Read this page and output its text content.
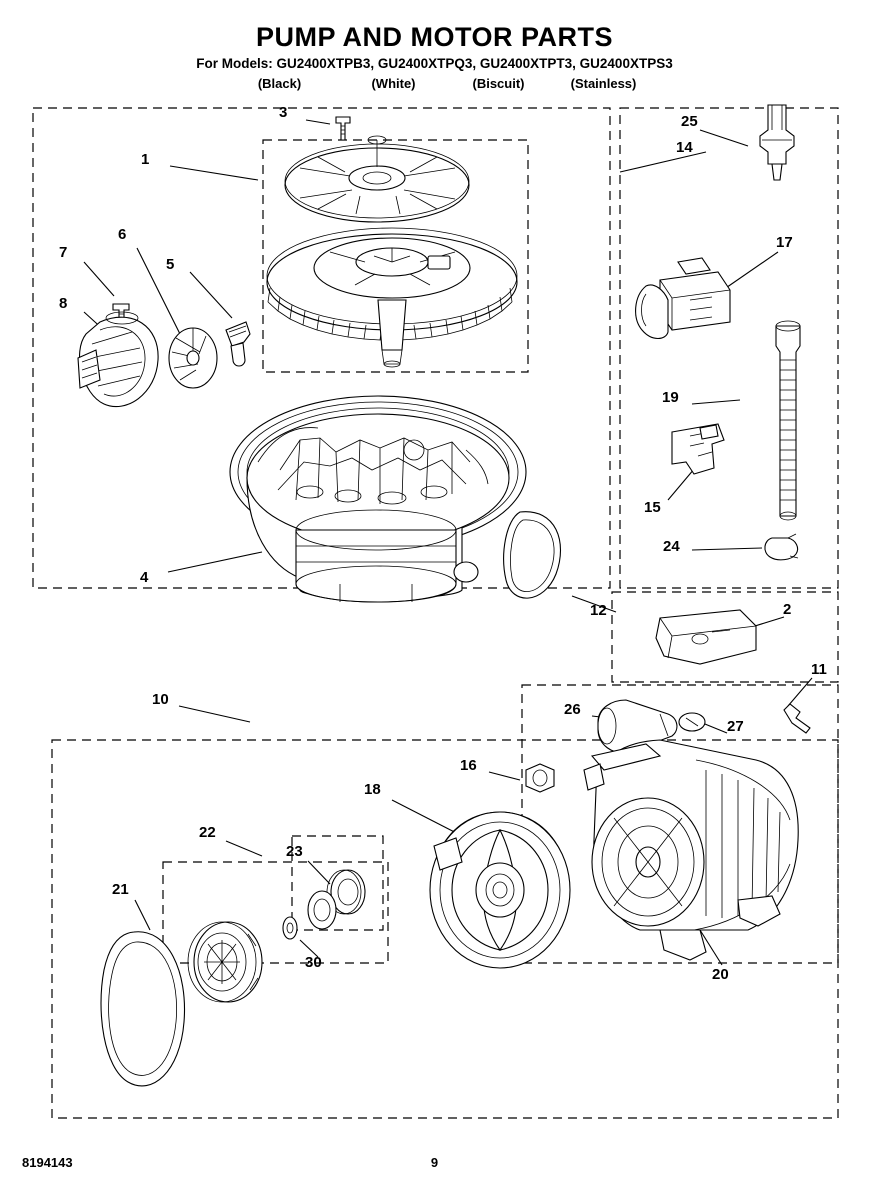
PUMP AND MOTOR PARTS
For Models: GU2400XTPB3, GU2400XTPQ3, GU2400XTPT3, GU2400XTPS3
(Black)	(White)	(Biscuit)	(Stainless)
1
2
3
4
5
6
7
8
10
11
12
14
15
16
17
18
19
20
21
22
23
24
25
26
27
30
8194143	9
